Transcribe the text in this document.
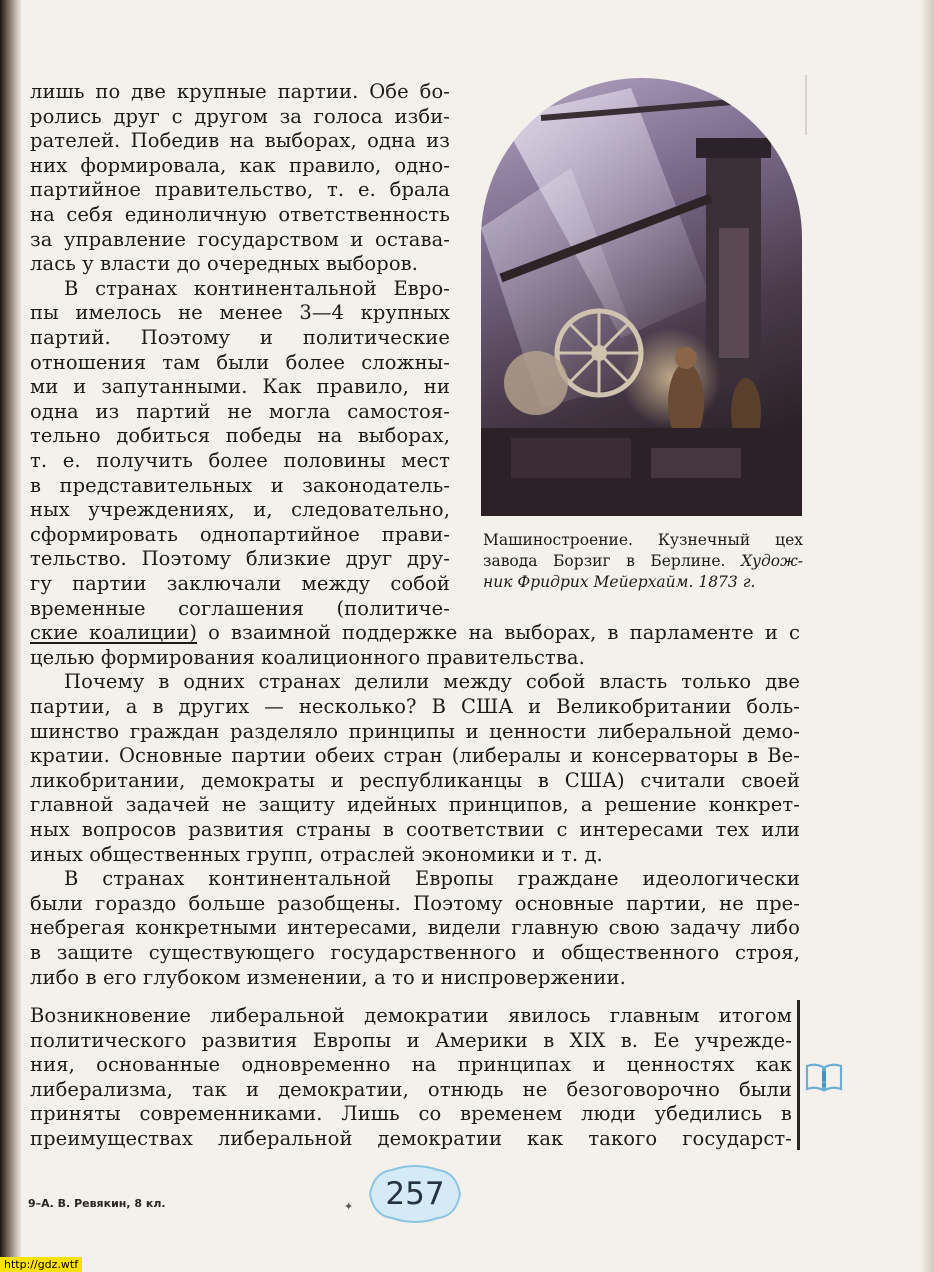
лишь по две крупные партии. Обе бо-
ролись друг с другом за голоса изби-
рателей. Победив на выборах, одна из
них формировала, как правило, одно-
партийное правительство, т. е. брала
на себя единоличную ответственность
за управление государством и остава-
лась у власти до очередных выборов.
В странах континентальной Евро-
пы имелось не менее 3—4 крупных
партий. Поэтому и политические
отношения там были более сложны-
ми и запутанными. Как правило, ни
одна из партий не могла самостоя-
тельно добиться победы на выборах,
т. е. получить более половины мест
в представительных и законодатель-
ных учреждениях, и, следовательно,
сформировать однопартийное прави-
тельство. Поэтому близкие друг дру-
гу партии заключали между собой
временные соглашения (политиче-
ские коалиции) о взаимной поддержке на выборах, в парламенте и с
целью формирования коалиционного правительства.
Почему в одних странах делили между собой власть только две
партии, а в других — несколько? В США и Великобритании боль-
шинство граждан разделяло принципы и ценности либеральной демо-
кратии. Основные партии обеих стран (либералы и консерваторы в Ве-
ликобритании, демократы и республиканцы в США) считали своей
главной задачей не защиту идейных принципов, а решение конкрет-
ных вопросов развития страны в соответствии с интересами тех или
иных общественных групп, отраслей экономики и т. д.
В странах континентальной Европы граждане идеологически
были гораздо больше разобщены. Поэтому основные партии, не пре-
небрегая конкретными интересами, видели главную свою задачу либо
в защите существующего государственного и общественного строя,
либо в его глубоком изменении, а то и ниспровержении.
Возникновение либеральной демократии явилось главным итогом
политического развития Европы и Америки в XIX в. Ее учрежде-
ния, основанные одновременно на принципах и ценностях как
либерализма, так и демократии, отнюдь не безоговорочно были
приняты современниками. Лишь со временем люди убедились в
преимуществах либеральной демократии как такого государст-
Машиностроение. Кузнечный цех
завода Борзиг в Берлине. Худож-
ник Фридрих Мейерхайм. 1873 г.
9–А. В. Ревякин, 8 кл.	✦	257
http://gdz.wtf
